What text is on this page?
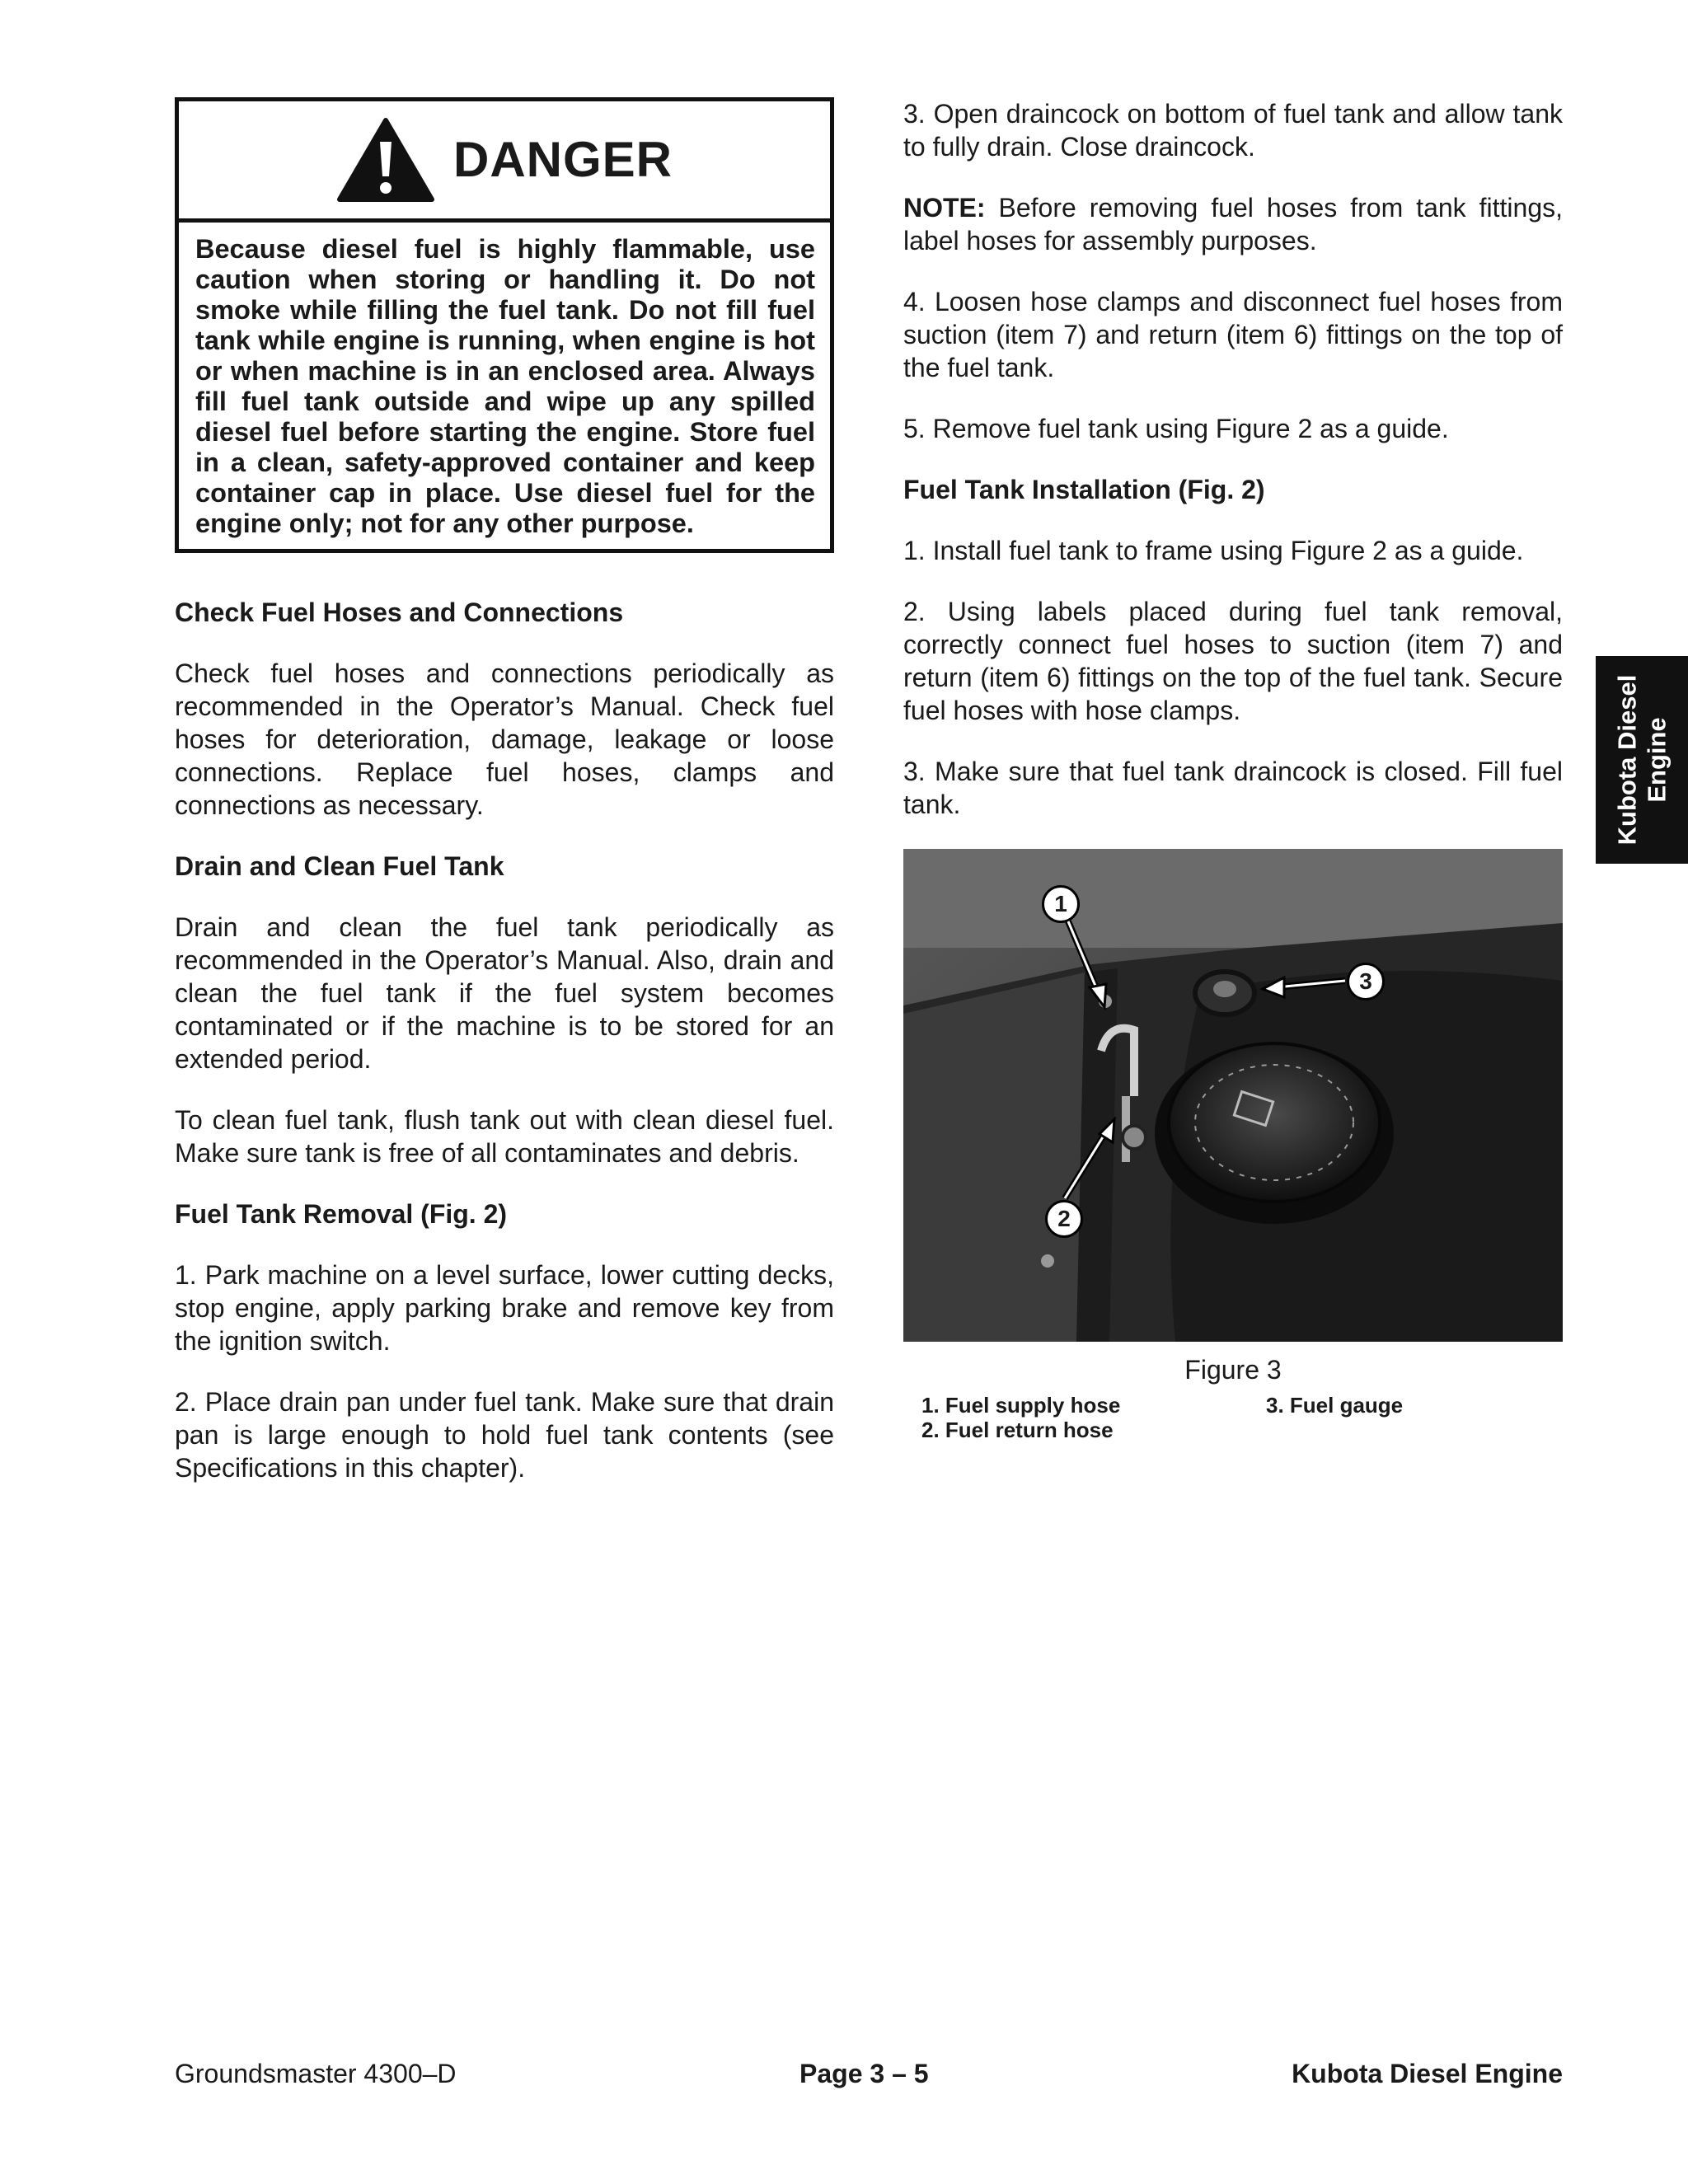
DANGER
Because diesel fuel is highly flammable, use caution when storing or handling it. Do not smoke while filling the fuel tank. Do not fill fuel tank while engine is running, when engine is hot or when machine is in an enclosed area. Always fill fuel tank outside and wipe up any spilled diesel fuel before starting the engine. Store fuel in a clean, safety-approved container and keep container cap in place. Use diesel fuel for the engine only; not for any other purpose.
Check Fuel Hoses and Connections

Check fuel hoses and connections periodically as recommended in the Operator’s Manual. Check fuel hoses for deterioration, damage, leakage or loose connections. Replace fuel hoses, clamps and connections as necessary.

Drain and Clean Fuel Tank

Drain and clean the fuel tank periodically as recommended in the Operator’s Manual. Also, drain and clean the fuel tank if the fuel system becomes contaminated or if the machine is to be stored for an extended period.

To clean fuel tank, flush tank out with clean diesel fuel. Make sure tank is free of all contaminates and debris.

Fuel Tank Removal (Fig. 2)

1. Park machine on a level surface, lower cutting decks, stop engine, apply parking brake and remove key from the ignition switch.

2. Place drain pan under fuel tank. Make sure that drain pan is large enough to hold fuel tank contents (see Specifications in this chapter).

3. Open draincock on bottom of fuel tank and allow tank to fully drain. Close draincock.

NOTE: Before removing fuel hoses from tank fittings, label hoses for assembly purposes.

4. Loosen hose clamps and disconnect fuel hoses from suction (item 7) and return (item 6) fittings on the top of the fuel tank.

5. Remove fuel tank using Figure 2 as a guide.

Fuel Tank Installation (Fig. 2)

1. Install fuel tank to frame using Figure 2 as a guide.

2. Using labels placed during fuel tank removal, correctly connect fuel hoses to suction (item 7) and return (item 6) fittings on the top of the fuel tank. Secure fuel hoses with hose clamps.

3. Make sure that fuel tank draincock is closed. Fill fuel tank.

1
2
3
Figure 3
1. Fuel supply hose	3. Fuel gauge
2. Fuel return hose
Kubota Diesel Engine
Groundsmaster 4300–D	Page 3 – 5	Kubota Diesel Engine
